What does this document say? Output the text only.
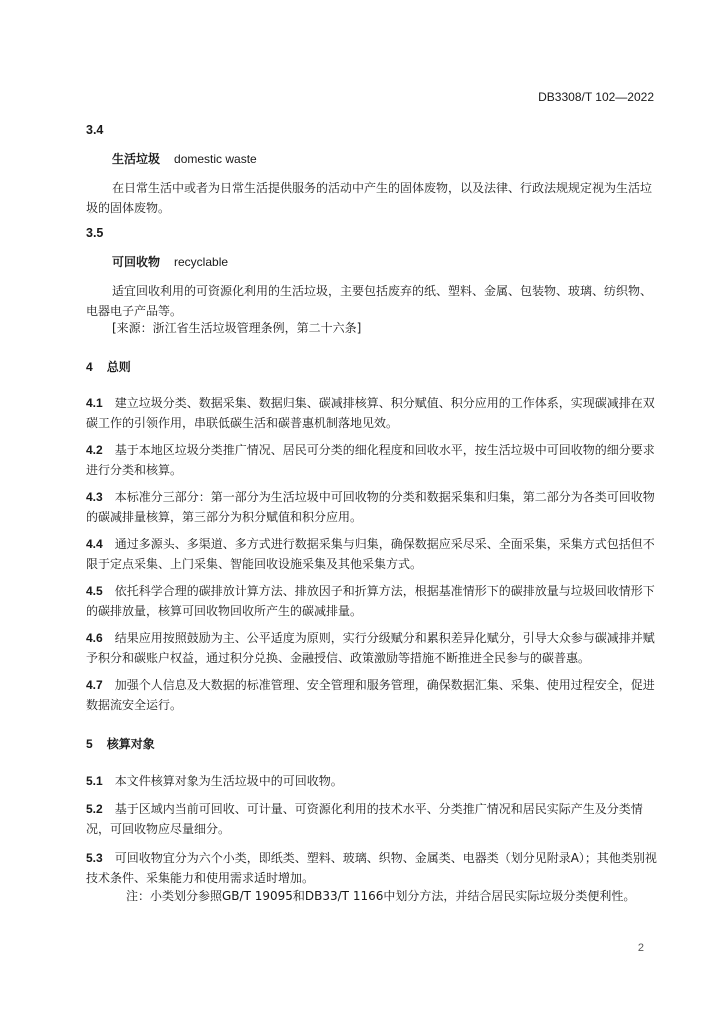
DB3308/T 102—2022
3.4
生活垃圾 domestic waste
在日常生活中或者为日常生活提供服务的活动中产生的固体废物，以及法律、行政法规规定视为生活垃圾的固体废物。
3.5
可回收物 recyclable
适宜回收利用的可资源化利用的生活垃圾，主要包括废弃的纸、塑料、金属、包装物、玻璃、纺织物、电器电子产品等。
[来源：浙江省生活垃圾管理条例，第二十六条]
4 总则
4.1 建立垃圾分类、数据采集、数据归集、碳减排核算、积分赋值、积分应用的工作体系，实现碳减排在双碳工作的引领作用，串联低碳生活和碳普惠机制落地见效。
4.2 基于本地区垃圾分类推广情况、居民可分类的细化程度和回收水平，按生活垃圾中可回收物的细分要求进行分类和核算。
4.3 本标准分三部分：第一部分为生活垃圾中可回收物的分类和数据采集和归集，第二部分为各类可回收物的碳减排量核算，第三部分为积分赋值和积分应用。
4.4 通过多源头、多渠道、多方式进行数据采集与归集，确保数据应采尽采、全面采集，采集方式包括但不限于定点采集、上门采集、智能回收设施采集及其他采集方式。
4.5 依托科学合理的碳排放计算方法、排放因子和折算方法，根据基准情形下的碳排放量与垃圾回收情形下的碳排放量，核算可回收物回收所产生的碳减排量。
4.6 结果应用按照鼓励为主、公平适度为原则，实行分级赋分和累积差异化赋分，引导大众参与碳减排并赋予积分和碳账户权益，通过积分兑换、金融授信、政策激励等措施不断推进全民参与的碳普惠。
4.7 加强个人信息及大数据的标准管理、安全管理和服务管理，确保数据汇集、采集、使用过程安全，促进数据流安全运行。
5 核算对象
5.1 本文件核算对象为生活垃圾中的可回收物。
5.2 基于区域内当前可回收、可计量、可资源化利用的技术水平、分类推广情况和居民实际产生及分类情况，可回收物应尽量细分。
5.3 可回收物宜分为六个小类，即纸类、塑料、玻璃、织物、金属类、电器类（划分见附录A）；其他类别视技术条件、采集能力和使用需求适时增加。
注：小类划分参照GB/T 19095和DB33/T 1166中划分方法，并结合居民实际垃圾分类便利性。
2
